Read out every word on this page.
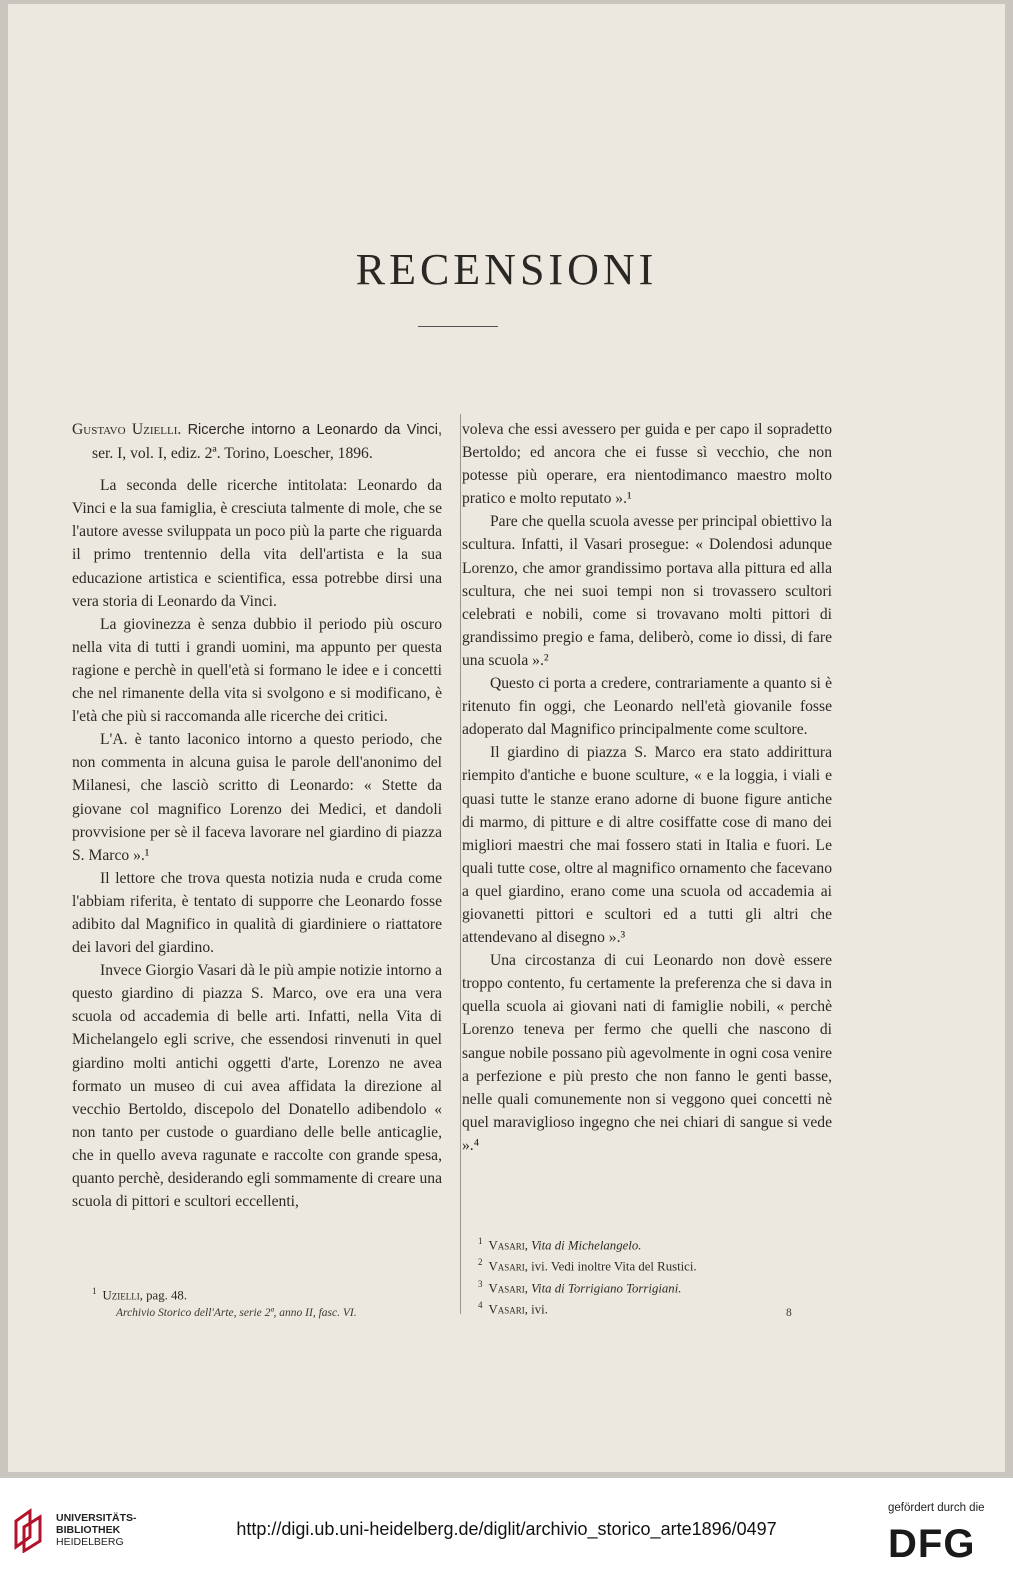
RECENSIONI

Gustavo Uzielli. Ricerche intorno a Leonardo da Vinci, ser. I, vol. I, ediz. 2ª. Torino, Loescher, 1896.

La seconda delle ricerche intitolata: Leonardo da Vinci e la sua famiglia, è cresciuta talmente di mole, che se l'autore avesse sviluppata un poco più la parte che riguarda il primo trentennio della vita dell'artista e la sua educazione artistica e scientifica, essa potrebbe dirsi una vera storia di Leonardo da Vinci.

La giovinezza è senza dubbio il periodo più oscuro nella vita di tutti i grandi uomini, ma appunto per questa ragione e perchè in quell'età si formano le idee e i concetti che nel rimanente della vita si svolgono e si modificano, è l'età che più si raccomanda alle ricerche dei critici.

L'A. è tanto laconico intorno a questo periodo, che non commenta in alcuna guisa le parole dell'anonimo del Milanesi, che lasciò scritto di Leonardo: « Stette da giovane col magnifico Lorenzo dei Medici, et dandoli provvisione per sè il faceva lavorare nel giardino di piazza S. Marco ».¹

Il lettore che trova questa notizia nuda e cruda come l'abbiam riferita, è tentato di supporre che Leonardo fosse adibito dal Magnifico in qualità di giardiniere o riattatore dei lavori del giardino.

Invece Giorgio Vasari dà le più ampie notizie intorno a questo giardino di piazza S. Marco, ove era una vera scuola od accademia di belle arti. Infatti, nella Vita di Michelangelo egli scrive, che essendosi rinvenuti in quel giardino molti antichi oggetti d'arte, Lorenzo ne avea formato un museo di cui avea affidata la direzione al vecchio Bertoldo, discepolo del Donatello adibendolo « non tanto per custode o guardiano delle belle anticaglie, che in quello aveva ragunate e raccolte con grande spesa, quanto perchè, desiderando egli sommamente di creare una scuola di pittori e scultori eccellenti,

voleva che essi avessero per guida e per capo il sopradetto Bertoldo; ed ancora che ei fusse sì vecchio, che non potesse più operare, era nientodimanco maestro molto pratico e molto reputato ».¹

Pare che quella scuola avesse per principal obiettivo la scultura. Infatti, il Vasari prosegue: « Dolendosi adunque Lorenzo, che amor grandissimo portava alla pittura ed alla scultura, che nei suoi tempi non si trovassero scultori celebrati e nobili, come si trovavano molti pittori di grandissimo pregio e fama, deliberò, come io dissi, di fare una scuola ».²

Questo ci porta a credere, contrariamente a quanto si è ritenuto fin oggi, che Leonardo nell'età giovanile fosse adoperato dal Magnifico principalmente come scultore.

Il giardino di piazza S. Marco era stato addirittura riempito d'antiche e buone sculture, « e la loggia, i viali e quasi tutte le stanze erano adorne di buone figure antiche di marmo, di pitture e di altre cosiffatte cose di mano dei migliori maestri che mai fossero stati in Italia e fuori. Le quali tutte cose, oltre al magnifico ornamento che facevano a quel giardino, erano come una scuola od accademia ai giovanetti pittori e scultori ed a tutti gli altri che attendevano al disegno ».³

Una circostanza di cui Leonardo non dovè essere troppo contento, fu certamente la preferenza che si dava in quella scuola ai giovani nati di famiglie nobili, « perchè Lorenzo teneva per fermo che quelli che nascono di sangue nobile possano più agevolmente in ogni cosa venire a perfezione e più presto che non fanno le genti basse, nelle quali comunemente non si veggono quei concetti nè quel maraviglioso ingegno che nei chiari di sangue si vede ».⁴

$^1$ Uzielli, pag. 48.
$^1$ Vasari, Vita di Michelangelo.
$^2$ Vasari, ivi. Vedi inoltre Vita del Rustici.
$^3$ Vasari, Vita di Torrigiano Torrigiani.
$^4$ Vasari, ivi.
Archivio Storico dell'Arte, serie 2ª, anno II, fasc. VI.	8
UNIVERSITÄTS-
BIBLIOTHEK
HEIDELBERG
http://digi.ub.uni-heidelberg.de/diglit/archivio_storico_arte1896/0497
gefördert durch die
DFG
